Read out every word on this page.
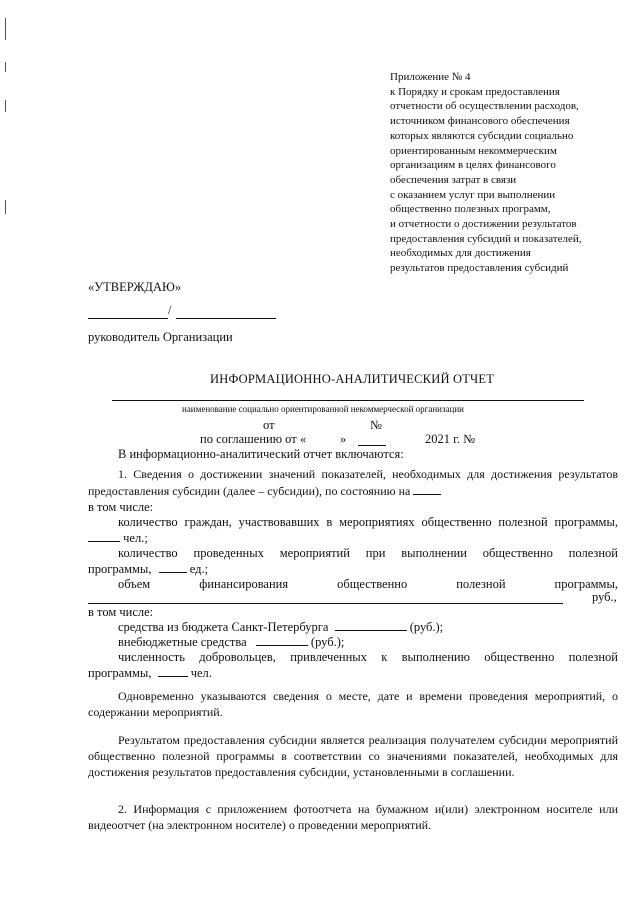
Приложение № 4
к Порядку и срокам предоставления
отчетности об осуществлении расходов,
источником финансового обеспечения
которых являются субсидии социально
ориентированным некоммерческим
организациям в целях финансового
обеспечения затрат в связи
с оказанием услуг при выполнении
общественно полезных программ,
и отчетности о достижении результатов
предоставления субсидий и показателей,
необходимых для достижения
результатов предоставления субсидий
«УТВЕРЖДАЮ»
/
руководитель Организации
ИНФОРМАЦИОННО-АНАЛИТИЧЕСКИЙ ОТЧЕТ
наименование социально ориентированной некоммерческой организации
от	№
по соглашению от «	»	2021 г. №
В информационно-аналитический отчет включаются:
1. Сведения о достижении значений показателей, необходимых для достижения результатов предоставления субсидии (далее – субсидии), по состоянию на
в том числе:
количество граждан, участвовавших в мероприятиях общественно полезной программы,
чел.;
количество проведенных мероприятий при выполнении общественно полезной
программы,	ед.;
объем	финансирования	общественно	полезной	программы,
руб.,
в том числе:
средства из бюджета Санкт-Петербурга	(руб.);
внебюджетные средства	(руб.);
численность добровольцев, привлеченных к выполнению общественно полезной
программы,	чел.
Одновременно указываются сведения о месте, дате и времени проведения мероприятий, о содержании мероприятий.
Результатом предоставления субсидии является реализация получателем субсидии мероприятий общественно полезной программы в соответствии со значениями показателей, необходимых для достижения результатов предоставления субсидии, установленными в соглашении.
2. Информация с приложением фотоотчета на бумажном и(или) электронном носителе или видеоотчет (на электронном носителе) о проведении мероприятий.
